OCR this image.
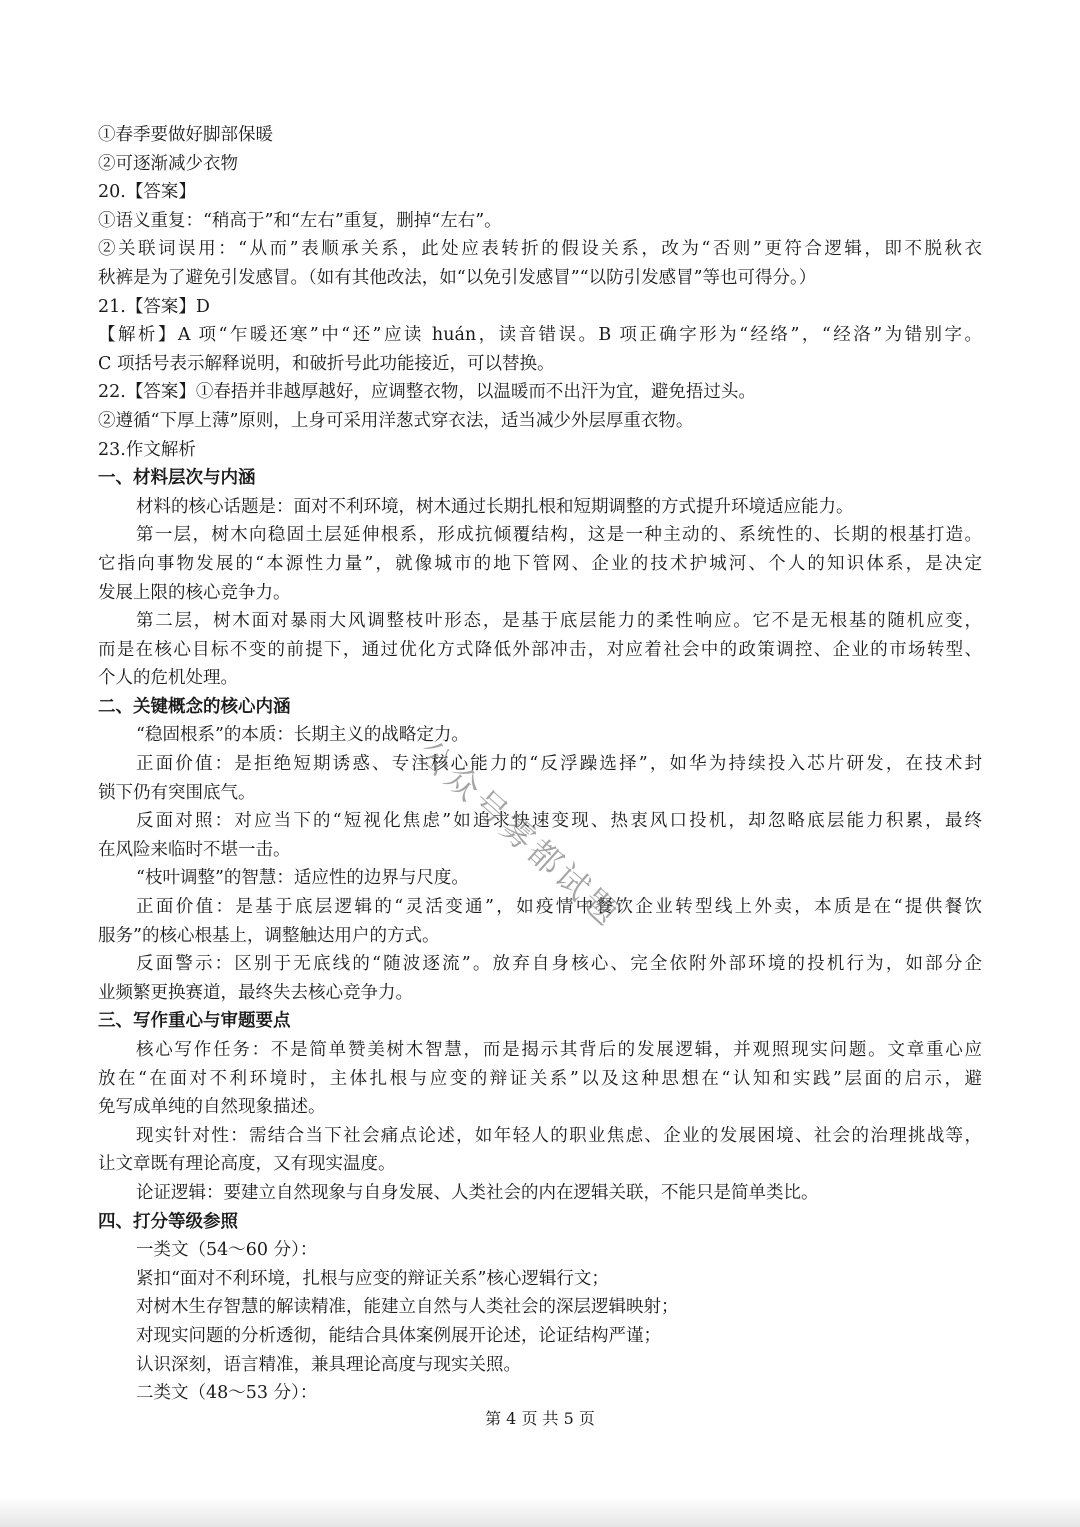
①春季要做好脚部保暖
②可逐渐减少衣物
20.【答案】
①语义重复：“稍高于”和“左右”重复，删掉“左右”。
②关联词误用：“从而”表顺承关系，此处应表转折的假设关系，改为“否则”更符合逻辑，即不脱秋衣
秋裤是为了避免引发感冒。（如有其他改法，如“以免引发感冒”“以防引发感冒”等也可得分。）
21.【答案】D
【解析】A 项“乍暖还寒”中“还”应读 huán，读音错误。B 项正确字形为“经络”，“经洛”为错别字。
C 项括号表示解释说明，和破折号此功能接近，可以替换。
22.【答案】①春捂并非越厚越好，应调整衣物，以温暖而不出汗为宜，避免捂过头。
②遵循“下厚上薄”原则，上身可采用洋葱式穿衣法，适当减少外层厚重衣物。
23.作文解析
一、材料层次与内涵
材料的核心话题是：面对不利环境，树木通过长期扎根和短期调整的方式提升环境适应能力。
第一层，树木向稳固土层延伸根系，形成抗倾覆结构，这是一种主动的、系统性的、长期的根基打造。
它指向事物发展的“本源性力量”，就像城市的地下管网、企业的技术护城河、个人的知识体系，是决定
发展上限的核心竞争力。
第二层，树木面对暴雨大风调整枝叶形态，是基于底层能力的柔性响应。它不是无根基的随机应变，
而是在核心目标不变的前提下，通过优化方式降低外部冲击，对应着社会中的政策调控、企业的市场转型、
个人的危机处理。
二、关键概念的核心内涵
“稳固根系”的本质：长期主义的战略定力。
正面价值：是拒绝短期诱惑、专注核心能力的“反浮躁选择”，如华为持续投入芯片研发，在技术封
锁下仍有突围底气。
反面对照：对应当下的“短视化焦虑”如追求快速变现、热衷风口投机，却忽略底层能力积累，最终
在风险来临时不堪一击。
“枝叶调整”的智慧：适应性的边界与尺度。
正面价值：是基于底层逻辑的“灵活变通”，如疫情中餐饮企业转型线上外卖，本质是在“提供餐饮
服务”的核心根基上，调整触达用户的方式。
反面警示：区别于无底线的“随波逐流”。放弃自身核心、完全依附外部环境的投机行为，如部分企
业频繁更换赛道，最终失去核心竞争力。
三、写作重心与审题要点
核心写作任务：不是简单赞美树木智慧，而是揭示其背后的发展逻辑，并观照现实问题。文章重心应
放在“在面对不利环境时，主体扎根与应变的辩证关系”以及这种思想在“认知和实践”层面的启示，避
免写成单纯的自然现象描述。
现实针对性：需结合当下社会痛点论述，如年轻人的职业焦虑、企业的发展困境、社会的治理挑战等，
让文章既有理论高度，又有现实温度。
论证逻辑：要建立自然现象与自身发展、人类社会的内在逻辑关联，不能只是简单类比。
四、打分等级参照
一类文（54～60 分）：
紧扣“面对不利环境，扎根与应变的辩证关系”核心逻辑行文；
对树木生存智慧的解读精准，能建立自然与人类社会的深层逻辑映射；
对现实问题的分析透彻，能结合具体案例展开论述，论证结构严谨；
认识深刻，语言精准，兼具理论高度与现实关照。
二类文（48～53 分）：
公众号雾都试题
第 4 页 共 5 页
